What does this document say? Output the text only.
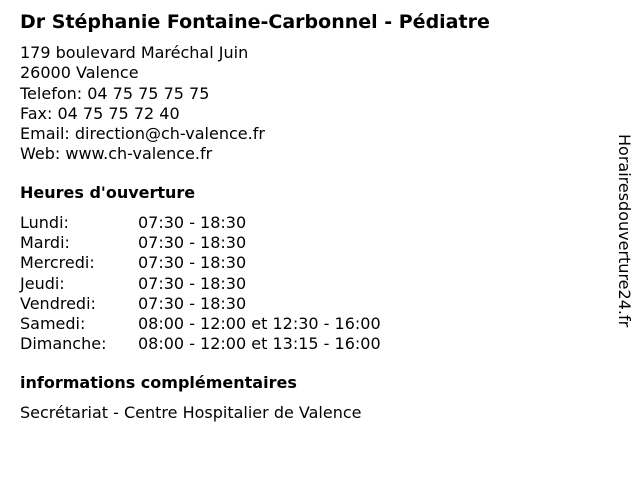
Dr Stéphanie Fontaine-Carbonnel - Pédiatre
179 boulevard Maréchal Juin
26000 Valence
Telefon: 04 75 75 75 75
Fax: 04 75 75 72 40
Email: direction@ch-valence.fr
Web: www.ch-valence.fr
Heures d'ouverture
Lundi:	07:30 - 18:30
Mardi:	07:30 - 18:30
Mercredi:	07:30 - 18:30
Jeudi:	07:30 - 18:30
Vendredi:	07:30 - 18:30
Samedi:	08:00 - 12:00 et 12:30 - 16:00
Dimanche: 08:00 - 12:00 et 13:15 - 16:00
informations complémentaires
Secrétariat - Centre Hospitalier de Valence
Horairesdouverture24.fr
